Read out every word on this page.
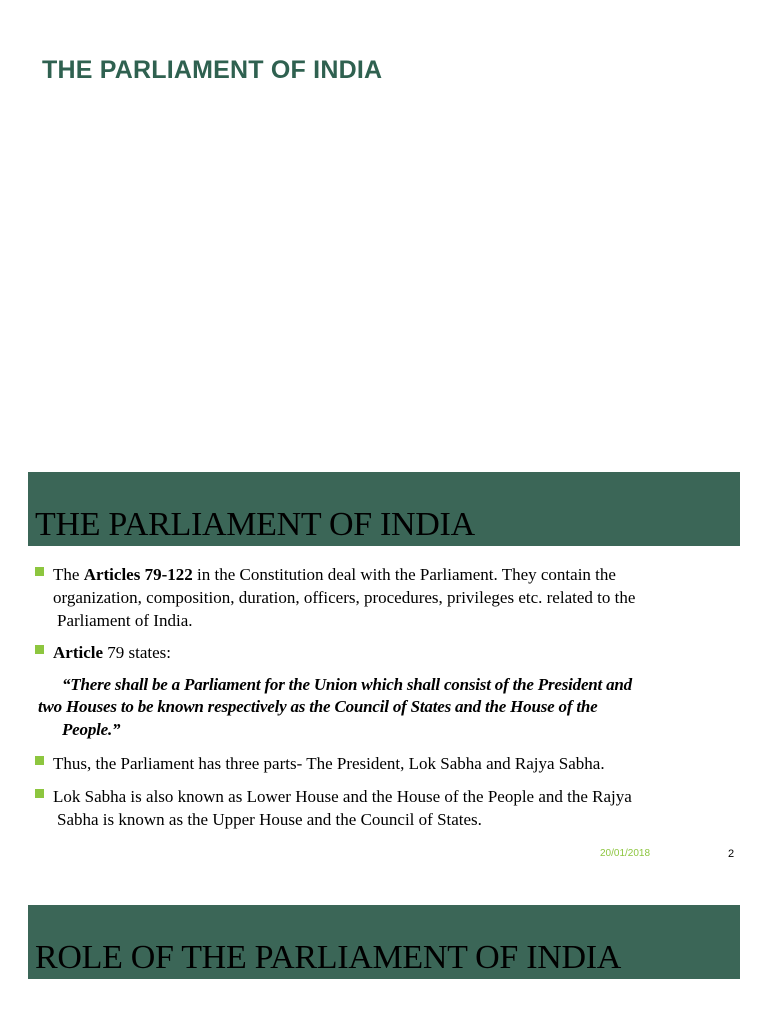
THE PARLIAMENT OF INDIA
THE PARLIAMENT OF INDIA
The Articles 79-122 in the Constitution deal with the Parliament. They contain the
organization, composition, duration, officers, procedures, privileges etc. related to the
Parliament of India.
Article 79 states:
“There shall be a Parliament for the Union which shall consist of the President and
two Houses to be known respectively as the Council of States and the House of the
People.”
Thus, the Parliament has three parts- The President, Lok Sabha and Rajya Sabha.
Lok Sabha is also known as Lower House and the House of the People and the Rajya
Sabha is known as the Upper House and the Council of States.
20/01/2018	2
ROLE OF THE PARLIAMENT OF INDIA
